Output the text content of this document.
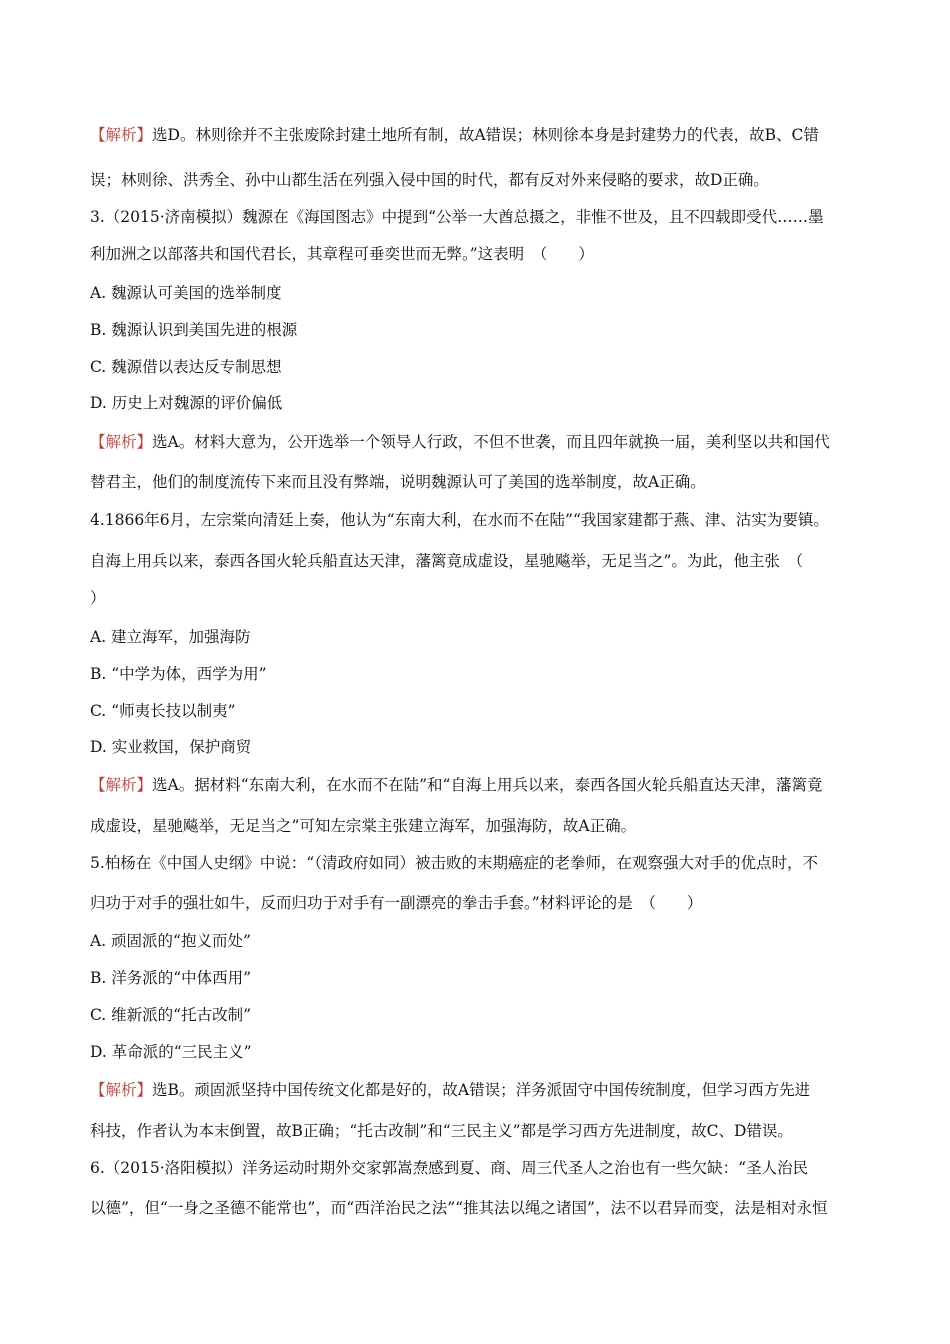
【解析】选D。林则徐并不主张废除封建土地所有制，故A错误；林则徐本身是封建势力的代表，故B、C错
误；林则徐、洪秀全、孙中山都生活在列强入侵中国的时代，都有反对外来侵略的要求，故D正确。
3.（2015·济南模拟）魏源在《海国图志》中提到“公举一大酋总摄之，非惟不世及，且不四载即受代……墨
利加洲之以部落共和国代君长，其章程可垂奕世而无弊。”这表明　（　　）
A. 魏源认可美国的选举制度
B. 魏源认识到美国先进的根源
C. 魏源借以表达反专制思想
D. 历史上对魏源的评价偏低
【解析】选A。材料大意为，公开选举一个领导人行政，不但不世袭，而且四年就换一届，美利坚以共和国代
替君主，他们的制度流传下来而且没有弊端，说明魏源认可了美国的选举制度，故A正确。
4.1866年6月，左宗棠向清廷上奏，他认为“东南大利，在水而不在陆”“我国家建都于燕、津、沽实为要镇。
自海上用兵以来，泰西各国火轮兵船直达天津，藩篱竟成虚设，星驰飚举，无足当之”。为此，他主张　（
）
A. 建立海军，加强海防
B. “中学为体，西学为用”
C. “师夷长技以制夷”
D. 实业救国，保护商贸
【解析】选A。据材料“东南大利，在水而不在陆”和“自海上用兵以来，泰西各国火轮兵船直达天津，藩篱竟
成虚设，星驰飚举，无足当之”可知左宗棠主张建立海军，加强海防，故A正确。
5.柏杨在《中国人史纲》中说：“（清政府如同）被击败的末期癌症的老拳师，在观察强大对手的优点时，不
归功于对手的强壮如牛，反而归功于对手有一副漂亮的拳击手套。”材料评论的是　（　　）
A. 顽固派的“抱义而处”
B. 洋务派的“中体西用”
C. 维新派的“托古改制”
D. 革命派的“三民主义”
【解析】选B。顽固派坚持中国传统文化都是好的，故A错误；洋务派固守中国传统制度，但学习西方先进
科技，作者认为本末倒置，故B正确；“托古改制”和“三民主义”都是学习西方先进制度，故C、D错误。
6.（2015·洛阳模拟）洋务运动时期外交家郭嵩焘感到夏、商、周三代圣人之治也有一些欠缺：“圣人治民
以德”，但“一身之圣德不能常也”，而“西洋治民之法”“推其法以绳之诸国”，法不以君异而变，法是相对永恒
